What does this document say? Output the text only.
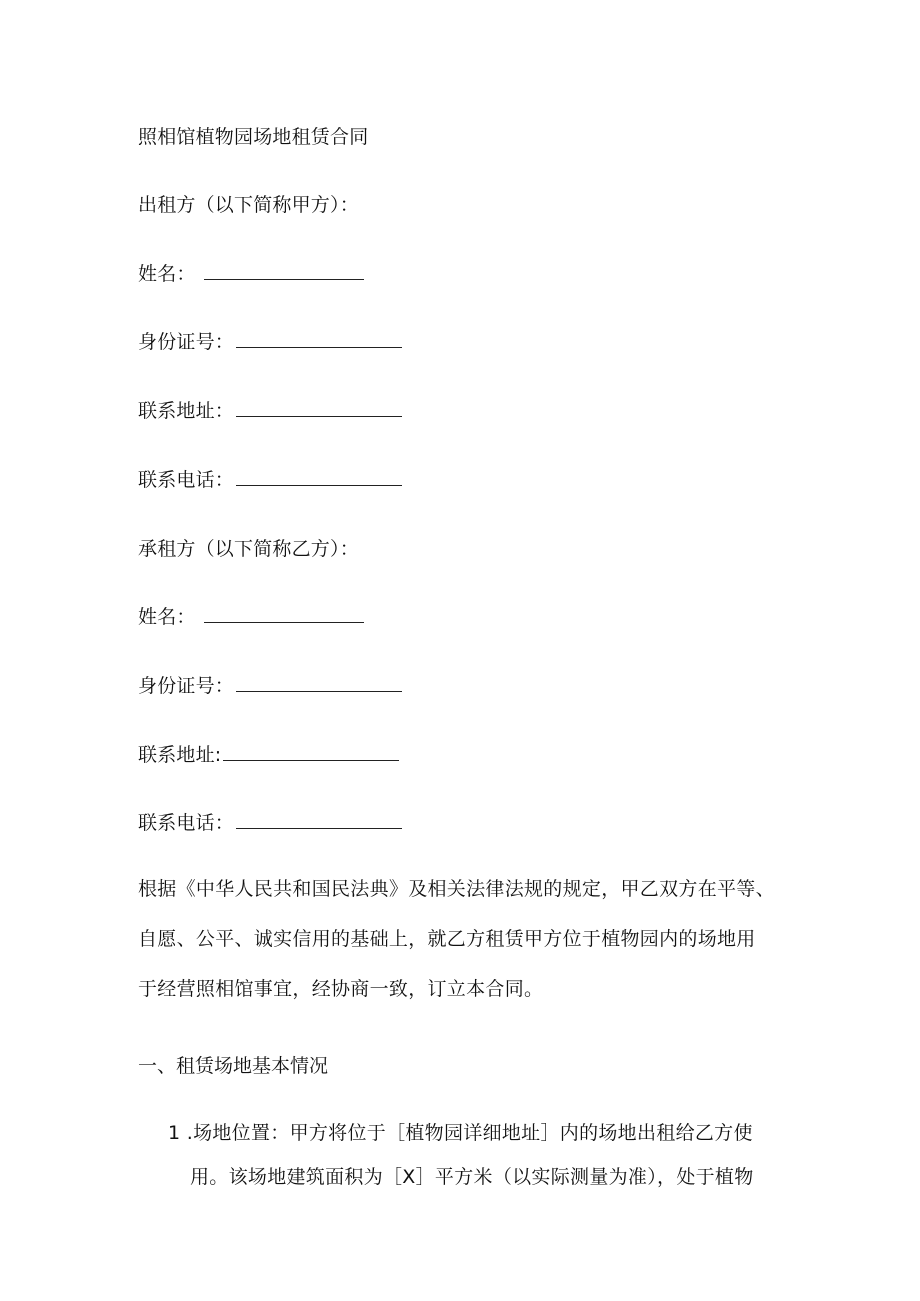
照相馆植物园场地租赁合同
出租方（以下简称甲方）：
姓名：
身份证号：
联系地址：
联系电话：
承租方（以下简称乙方）：
姓名：
身份证号：
联系地址:
联系电话：
根据《中华人民共和国民法典》及相关法律法规的规定，甲乙双方在平等、
自愿、公平、诚实信用的基础上，就乙方租赁甲方位于植物园内的场地用
于经营照相馆事宜，经协商一致，订立本合同。
一、租赁场地基本情况
1 .场地位置：甲方将位于［植物园详细地址］内的场地出租给乙方使
用。该场地建筑面积为［X］平方米（以实际测量为准），处于植物
